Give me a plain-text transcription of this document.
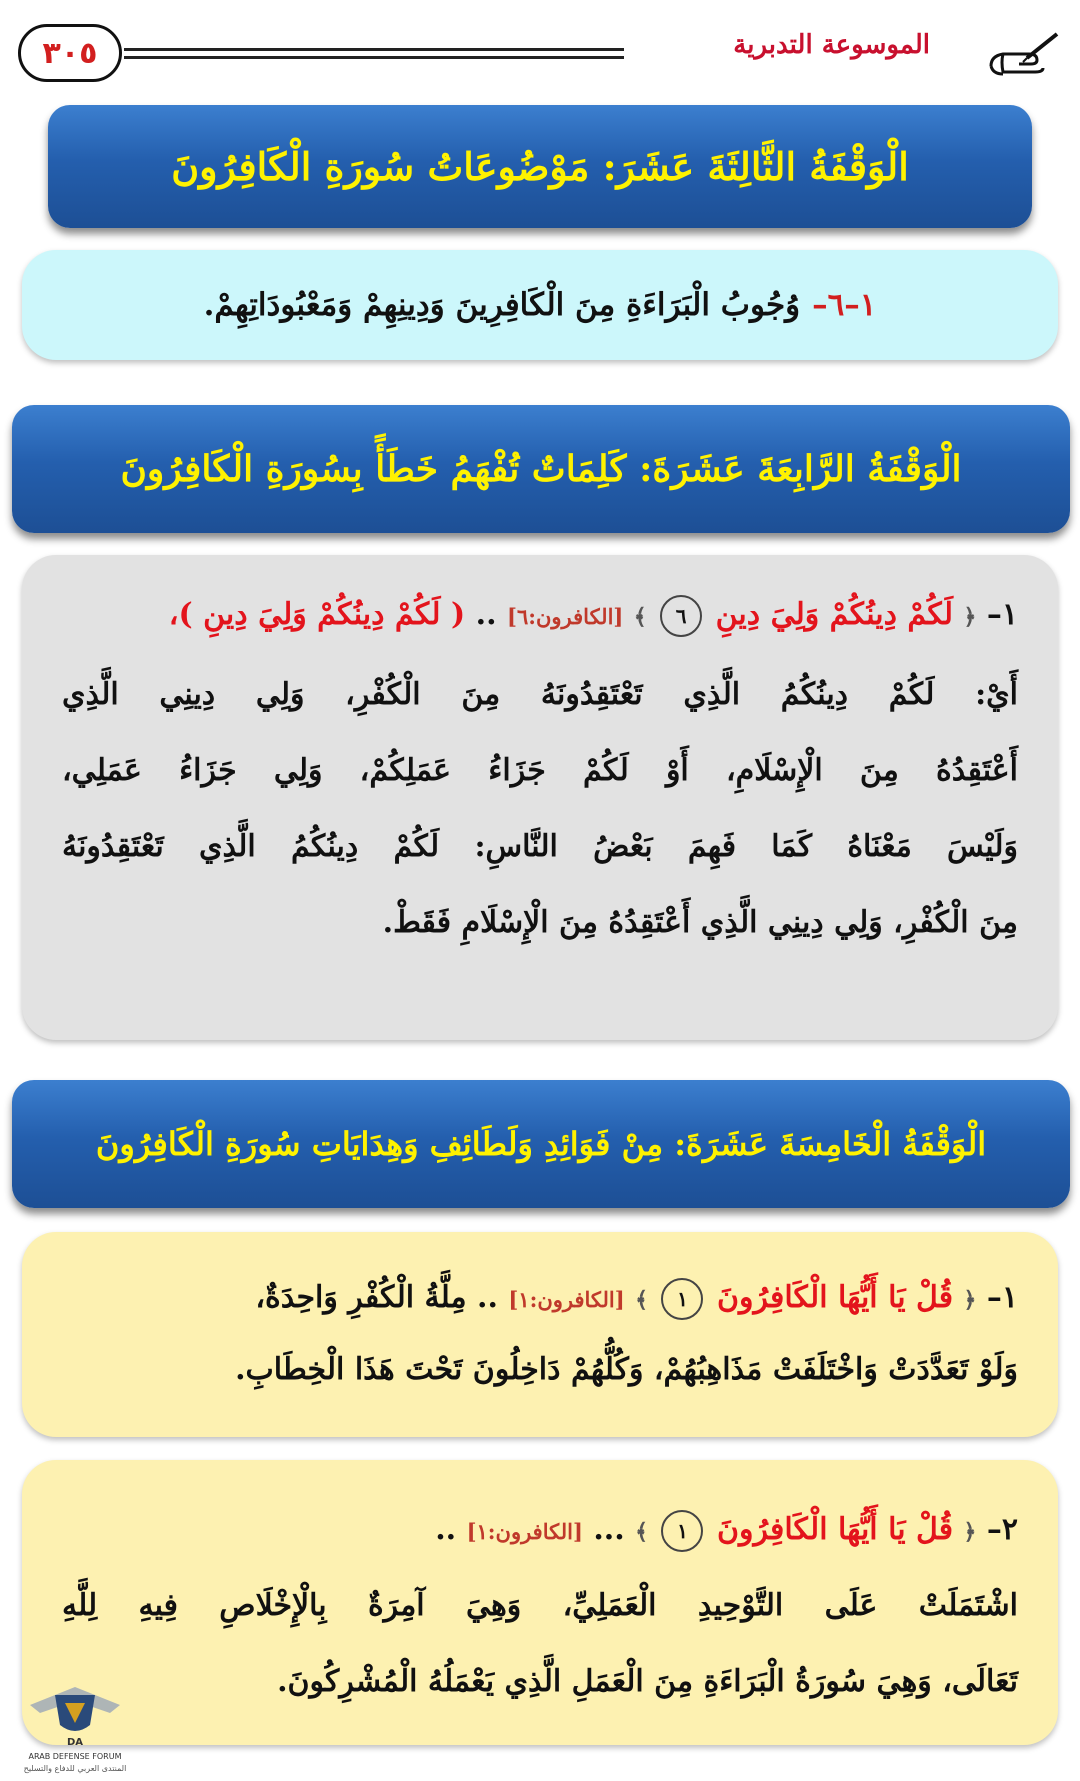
٣٠٥	الموسوعة التدبرية
الْوَقْفَةُ الثَّالِثَةَ عَشَرَ: مَوْضُوعَاتُ سُورَةِ الْكَافِرُونَ
١–٦–
وُجُوبُ الْبَرَاءَةِ مِنَ الْكَافِرِينَ وَدِينِهِمْ وَمَعْبُودَاتِهِمْ.
الْوَقْفَةُ الرَّابِعَةَ عَشَرَةَ: كَلِمَاتٌ تُفْهَمُ خَطَأً بِسُورَةِ الْكَافِرُونَ
١– ﴿ لَكُمْ دِينُكُمْ وَلِيَ دِينِ ٦ ﴾ [الكافرون:٦] .. ( لَكُمْ دِينُكُمْ وَلِيَ دِينِ )،
أَيْ: لَكُمْ دِينُكُمُ الَّذِي تَعْتَقِدُونَهُ مِنَ الْكُفْرِ، وَلِي دِينِي الَّذِي
أَعْتَقِدُهُ مِنَ الْإِسْلَامِ، أَوْ لَكُمْ جَزَاءُ عَمَلِكُمْ، وَلِي جَزَاءُ عَمَلِي،
وَلَيْسَ مَعْنَاهُ كَمَا فَهِمَ بَعْضُ النَّاسِ: لَكُمْ دِينُكُمُ الَّذِي تَعْتَقِدُونَهُ
مِنَ الْكُفْرِ، وَلِي دِينِي الَّذِي أَعْتَقِدُهُ مِنَ الْإِسْلَامِ فَقَطْ.
الْوَقْفَةُ الْخَامِسَةَ عَشَرَةَ: مِنْ فَوَائِدِ وَلَطَائِفِ وَهِدَايَاتِ سُورَةِ الْكَافِرُونَ
١– ﴿ قُلْ يَا أَيُّهَا الْكَافِرُونَ ١ ﴾ [الكافرون:١] .. مِلَّةُ الْكُفْرِ وَاحِدَةٌ،
وَلَوْ تَعَدَّدَتْ وَاخْتَلَفَتْ مَذَاهِبُهُمْ، وَكُلُّهُمْ دَاخِلُونَ تَحْتَ هَذَا الْخِطَابِ.
٢– ﴿ قُلْ يَا أَيُّهَا الْكَافِرُونَ ١ ﴾ ... [الكافرون:١] ..
اشْتَمَلَتْ عَلَى التَّوْحِيدِ الْعَمَلِيِّ، وَهِيَ آمِرَةٌ بِالْإِخْلَاصِ فِيهِ لِلَّهِ
تَعَالَى، وَهِيَ سُورَةُ الْبَرَاءَةِ مِنَ الْعَمَلِ الَّذِي يَعْمَلُهُ الْمُشْرِكُونَ.
DA
ARAB DEFENSE FORUM
المنتدى العربي للدفاع والتسليح
